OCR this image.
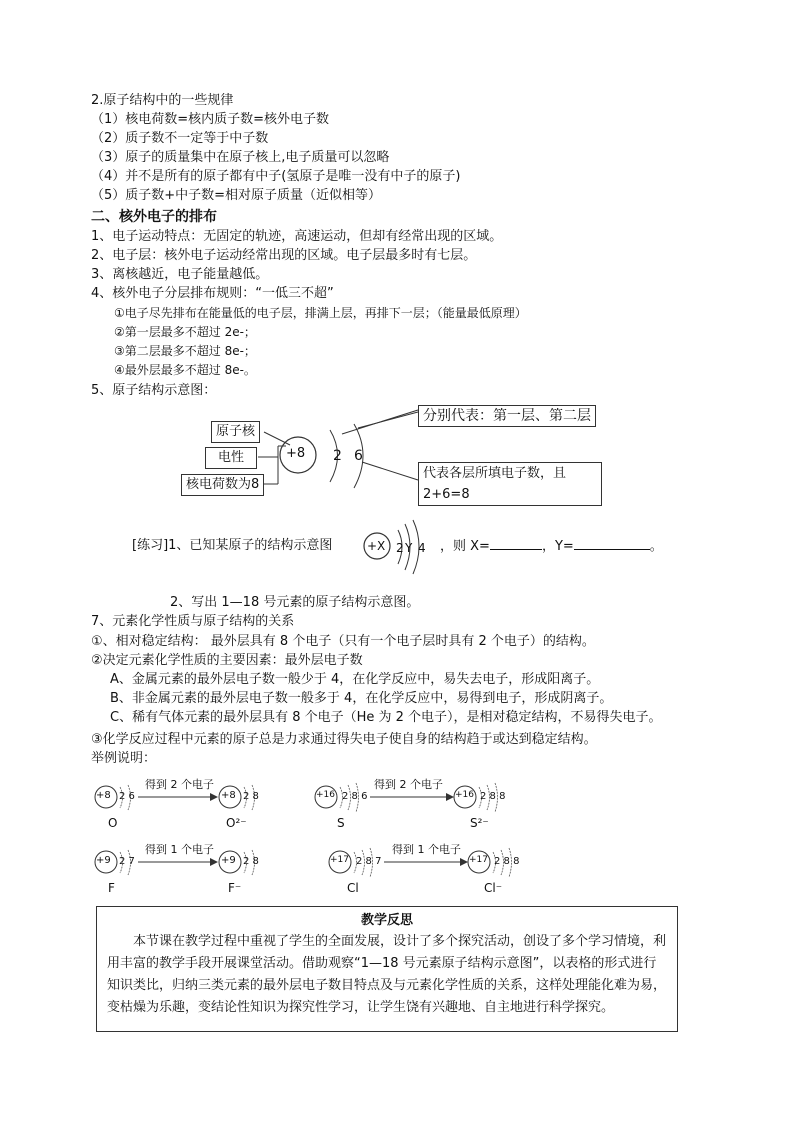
2.原子结构中的一些规律
（1）核电荷数=核内质子数=核外电子数
（2）质子数不一定等于中子数
（3）原子的质量集中在原子核上,电子质量可以忽略
（4）并不是所有的原子都有中子(氢原子是唯一没有中子的原子)
（5）质子数+中子数=相对原子质量（近似相等）
二、核外电子的排布
1、电子运动特点：无固定的轨迹，高速运动，但却有经常出现的区域。
2、电子层：核外电子运动经常出现的区域。电子层最多时有七层。
3、离核越近，电子能量越低。
4、核外电子分层排布规则：“一低三不超”
①电子尽先排布在能量低的电子层，排满上层，再排下一层；（能量最低原理）
②第一层最多不超过 2e-；
③第二层最多不超过 8e-；
④最外层最多不超过 8e-。
5、原子结构示意图：
原子核
电性
核电荷数为8
+8 2 6
分别代表：第一层、第二层
代表各层所填电子数，且
2+6=8
[练习]1、已知某原子的结构示意图	+X 2 Y 4 ，则 X=	，Y=	。
2、写出 1—18 号元素的原子结构示意图。
7、元素化学性质与原子结构的关系
①、相对稳定结构： 最外层具有 8 个电子（只有一个电子层时具有 2 个电子）的结构。
②决定元素化学性质的主要因素：最外层电子数
A、金属元素的最外层电子数一般少于 4，在化学反应中，易失去电子，形成阳离子。
B、非金属元素的最外层电子数一般多于 4，在化学反应中，易得到电子，形成阴离子。
C、稀有气体元素的最外层具有 8 个电子（He 为 2 个电子），是相对稳定结构，不易得失电子。
③化学反应过程中元素的原子总是力求通过得失电子使自身的结构趋于或达到稳定结构。
举例说明：
+8 2 6
得到 2 个电子
+8 2 8
O	O²⁻
+16 2 8 6
得到 2 个电子
+16 2 8 8
S	S²⁻
+9 2 7
得到 1 个电子
+9 2 8
F	F⁻
+17 2 8 7
得到 1 个电子
+17 2 8 8
Cl	Cl⁻
教学反思

本节课在教学过程中重视了学生的全面发展，设计了多个探究活动，创设了多个学习情境，利用丰富的教学手段开展课堂活动。借助观察“1—18 号元素原子结构示意图”，以表格的形式进行知识类比，归纳三类元素的最外层电子数目特点及与元素化学性质的关系，这样处理能化难为易，变枯燥为乐趣，变结论性知识为探究性学习，让学生饶有兴趣地、自主地进行科学探究。
